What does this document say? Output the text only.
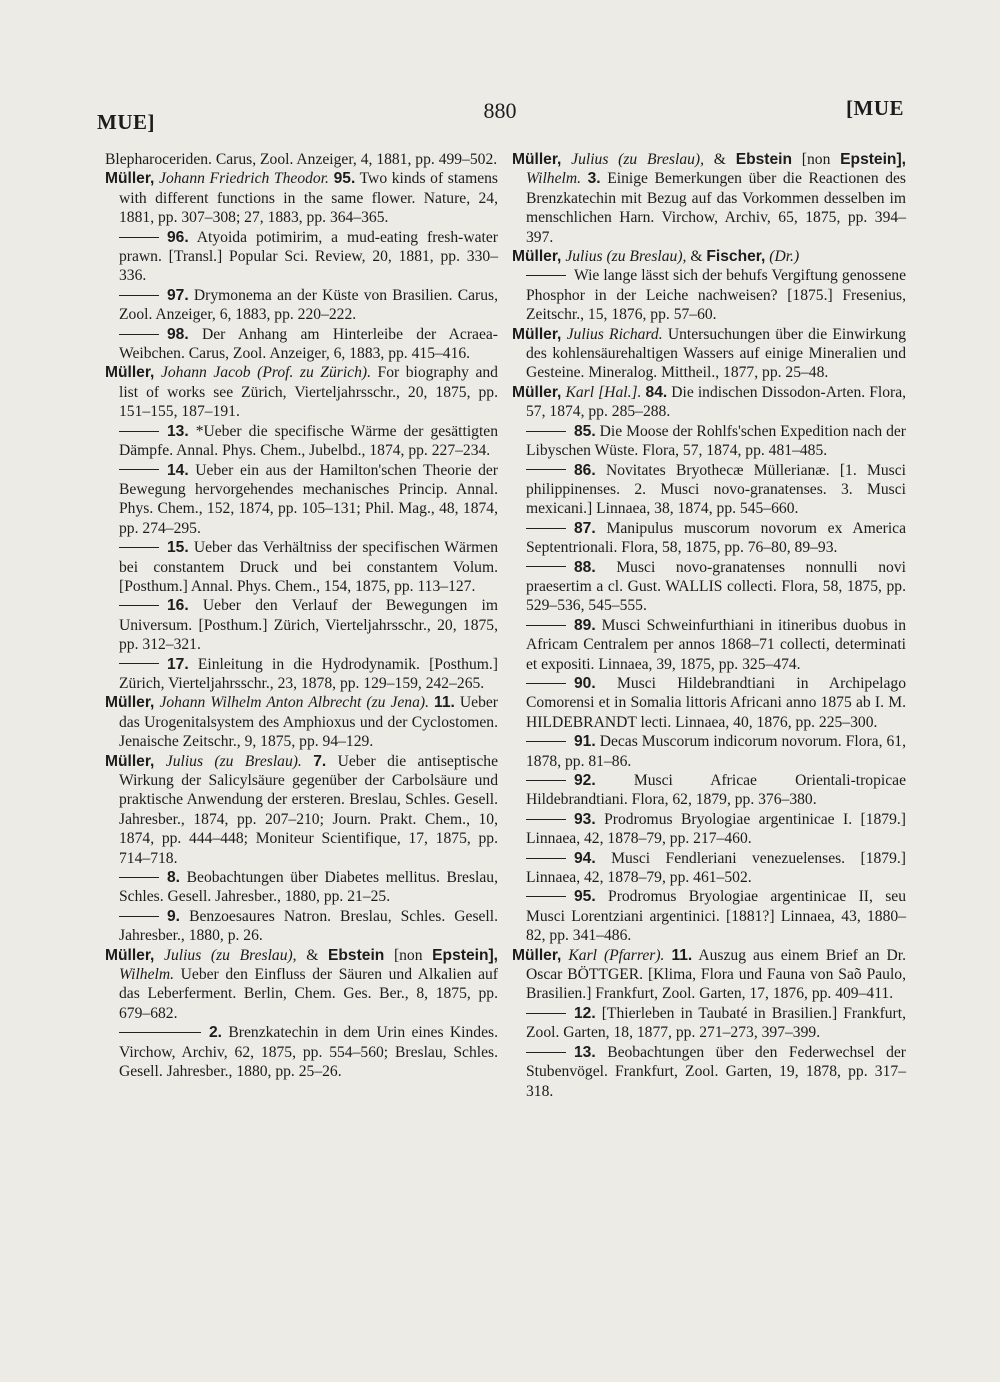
MUE]	880	[MUE

Blepharoceriden. Carus, Zool. Anzeiger, 4, 1881, pp. 499–502.

Müller, Johann Friedrich Theodor. 95. Two kinds of stamens with different functions in the same flower. Nature, 24, 1881, pp. 307–308; 27, 1883, pp. 364–365.

96. Atyoida potimirim, a mud-eating fresh-water prawn. [Transl.] Popular Sci. Review, 20, 1881, pp. 330–336.

97. Drymonema an der Küste von Brasilien. Carus, Zool. Anzeiger, 6, 1883, pp. 220–222.

98. Der Anhang am Hinterleibe der Acraea-Weibchen. Carus, Zool. Anzeiger, 6, 1883, pp. 415–416.

Müller, Johann Jacob (Prof. zu Zürich). For biography and list of works see Zürich, Vierteljahrsschr., 20, 1875, pp. 151–155, 187–191.

13. *Ueber die specifische Wärme der gesättigten Dämpfe. Annal. Phys. Chem., Jubelbd., 1874, pp. 227–234.

14. Ueber ein aus der Hamilton'schen Theorie der Bewegung hervorgehendes mechanisches Princip. Annal. Phys. Chem., 152, 1874, pp. 105–131; Phil. Mag., 48, 1874, pp. 274–295.

15. Ueber das Verhältniss der specifischen Wärmen bei constantem Druck und bei constantem Volum. [Posthum.] Annal. Phys. Chem., 154, 1875, pp. 113–127.

16. Ueber den Verlauf der Bewegungen im Universum. [Posthum.] Zürich, Vierteljahrsschr., 20, 1875, pp. 312–321.

17. Einleitung in die Hydrodynamik. [Posthum.] Zürich, Vierteljahrsschr., 23, 1878, pp. 129–159, 242–265.

Müller, Johann Wilhelm Anton Albrecht (zu Jena). 11. Ueber das Urogenitalsystem des Amphioxus und der Cyclostomen. Jenaische Zeitschr., 9, 1875, pp. 94–129.

Müller, Julius (zu Breslau). 7. Ueber die antiseptische Wirkung der Salicylsäure gegenüber der Carbolsäure und praktische Anwendung der ersteren. Breslau, Schles. Gesell. Jahresber., 1874, pp. 207–210; Journ. Prakt. Chem., 10, 1874, pp. 444–448; Moniteur Scientifique, 17, 1875, pp. 714–718.

8. Beobachtungen über Diabetes mellitus. Breslau, Schles. Gesell. Jahresber., 1880, pp. 21–25.

9. Benzoesaures Natron. Breslau, Schles. Gesell. Jahresber., 1880, p. 26.

Müller, Julius (zu Breslau), & Ebstein [non Epstein], Wilhelm. Ueber den Einfluss der Säuren und Alkalien auf das Leberferment. Berlin, Chem. Ges. Ber., 8, 1875, pp. 679–682.

2. Brenzkatechin in dem Urin eines Kindes. Virchow, Archiv, 62, 1875, pp. 554–560; Breslau, Schles. Gesell. Jahresber., 1880, pp. 25–26.

Müller, Julius (zu Breslau), & Ebstein [non Epstein], Wilhelm. 3. Einige Bemerkungen über die Reactionen des Brenzkatechin mit Bezug auf das Vorkommen desselben im menschlichen Harn. Virchow, Archiv, 65, 1875, pp. 394–397.

Müller, Julius (zu Breslau), & Fischer, (Dr.)
Wie lange lässt sich der behufs Vergiftung genossene Phosphor in der Leiche nachweisen? [1875.] Fresenius, Zeitschr., 15, 1876, pp. 57–60.

Müller, Julius Richard. Untersuchungen über die Einwirkung des kohlensäurehaltigen Wassers auf einige Mineralien und Gesteine. Mineralog. Mittheil., 1877, pp. 25–48.

Müller, Karl [Hal.]. 84. Die indischen Dissodon-Arten. Flora, 57, 1874, pp. 285–288.

85. Die Moose der Rohlfs'schen Expedition nach der Libyschen Wüste. Flora, 57, 1874, pp. 481–485.

86. Novitates Bryothecæ Müllerianæ. [1. Musci philippinenses. 2. Musci novo-granatenses. 3. Musci mexicani.] Linnaea, 38, 1874, pp. 545–660.

87. Manipulus muscorum novorum ex America Septentrionali. Flora, 58, 1875, pp. 76–80, 89–93.

88. Musci novo-granatenses nonnulli novi praesertim a cl. Gust. WALLIS collecti. Flora, 58, 1875, pp. 529–536, 545–555.

89. Musci Schweinfurthiani in itineribus duobus in Africam Centralem per annos 1868–71 collecti, determinati et expositi. Linnaea, 39, 1875, pp. 325–474.

90. Musci Hildebrandtiani in Archipelago Comorensi et in Somalia littoris Africani anno 1875 ab I. M. HILDEBRANDT lecti. Linnaea, 40, 1876, pp. 225–300.

91. Decas Muscorum indicorum novorum. Flora, 61, 1878, pp. 81–86.

92. Musci Africae Orientali-tropicae Hildebrandtiani. Flora, 62, 1879, pp. 376–380.

93. Prodromus Bryologiae argentinicae I. [1879.] Linnaea, 42, 1878–79, pp. 217–460.

94. Musci Fendleriani venezuelenses. [1879.] Linnaea, 42, 1878–79, pp. 461–502.

95. Prodromus Bryologiae argentinicae II, seu Musci Lorentziani argentinici. [1881?] Linnaea, 43, 1880–82, pp. 341–486.

Müller, Karl (Pfarrer). 11. Auszug aus einem Brief an Dr. Oscar BÖTTGER. [Klima, Flora und Fauna von Saõ Paulo, Brasilien.] Frankfurt, Zool. Garten, 17, 1876, pp. 409–411.

12. [Thierleben in Taubaté in Brasilien.] Frankfurt, Zool. Garten, 18, 1877, pp. 271–273, 397–399.

13. Beobachtungen über den Federwechsel der Stubenvögel. Frankfurt, Zool. Garten, 19, 1878, pp. 317–318.
